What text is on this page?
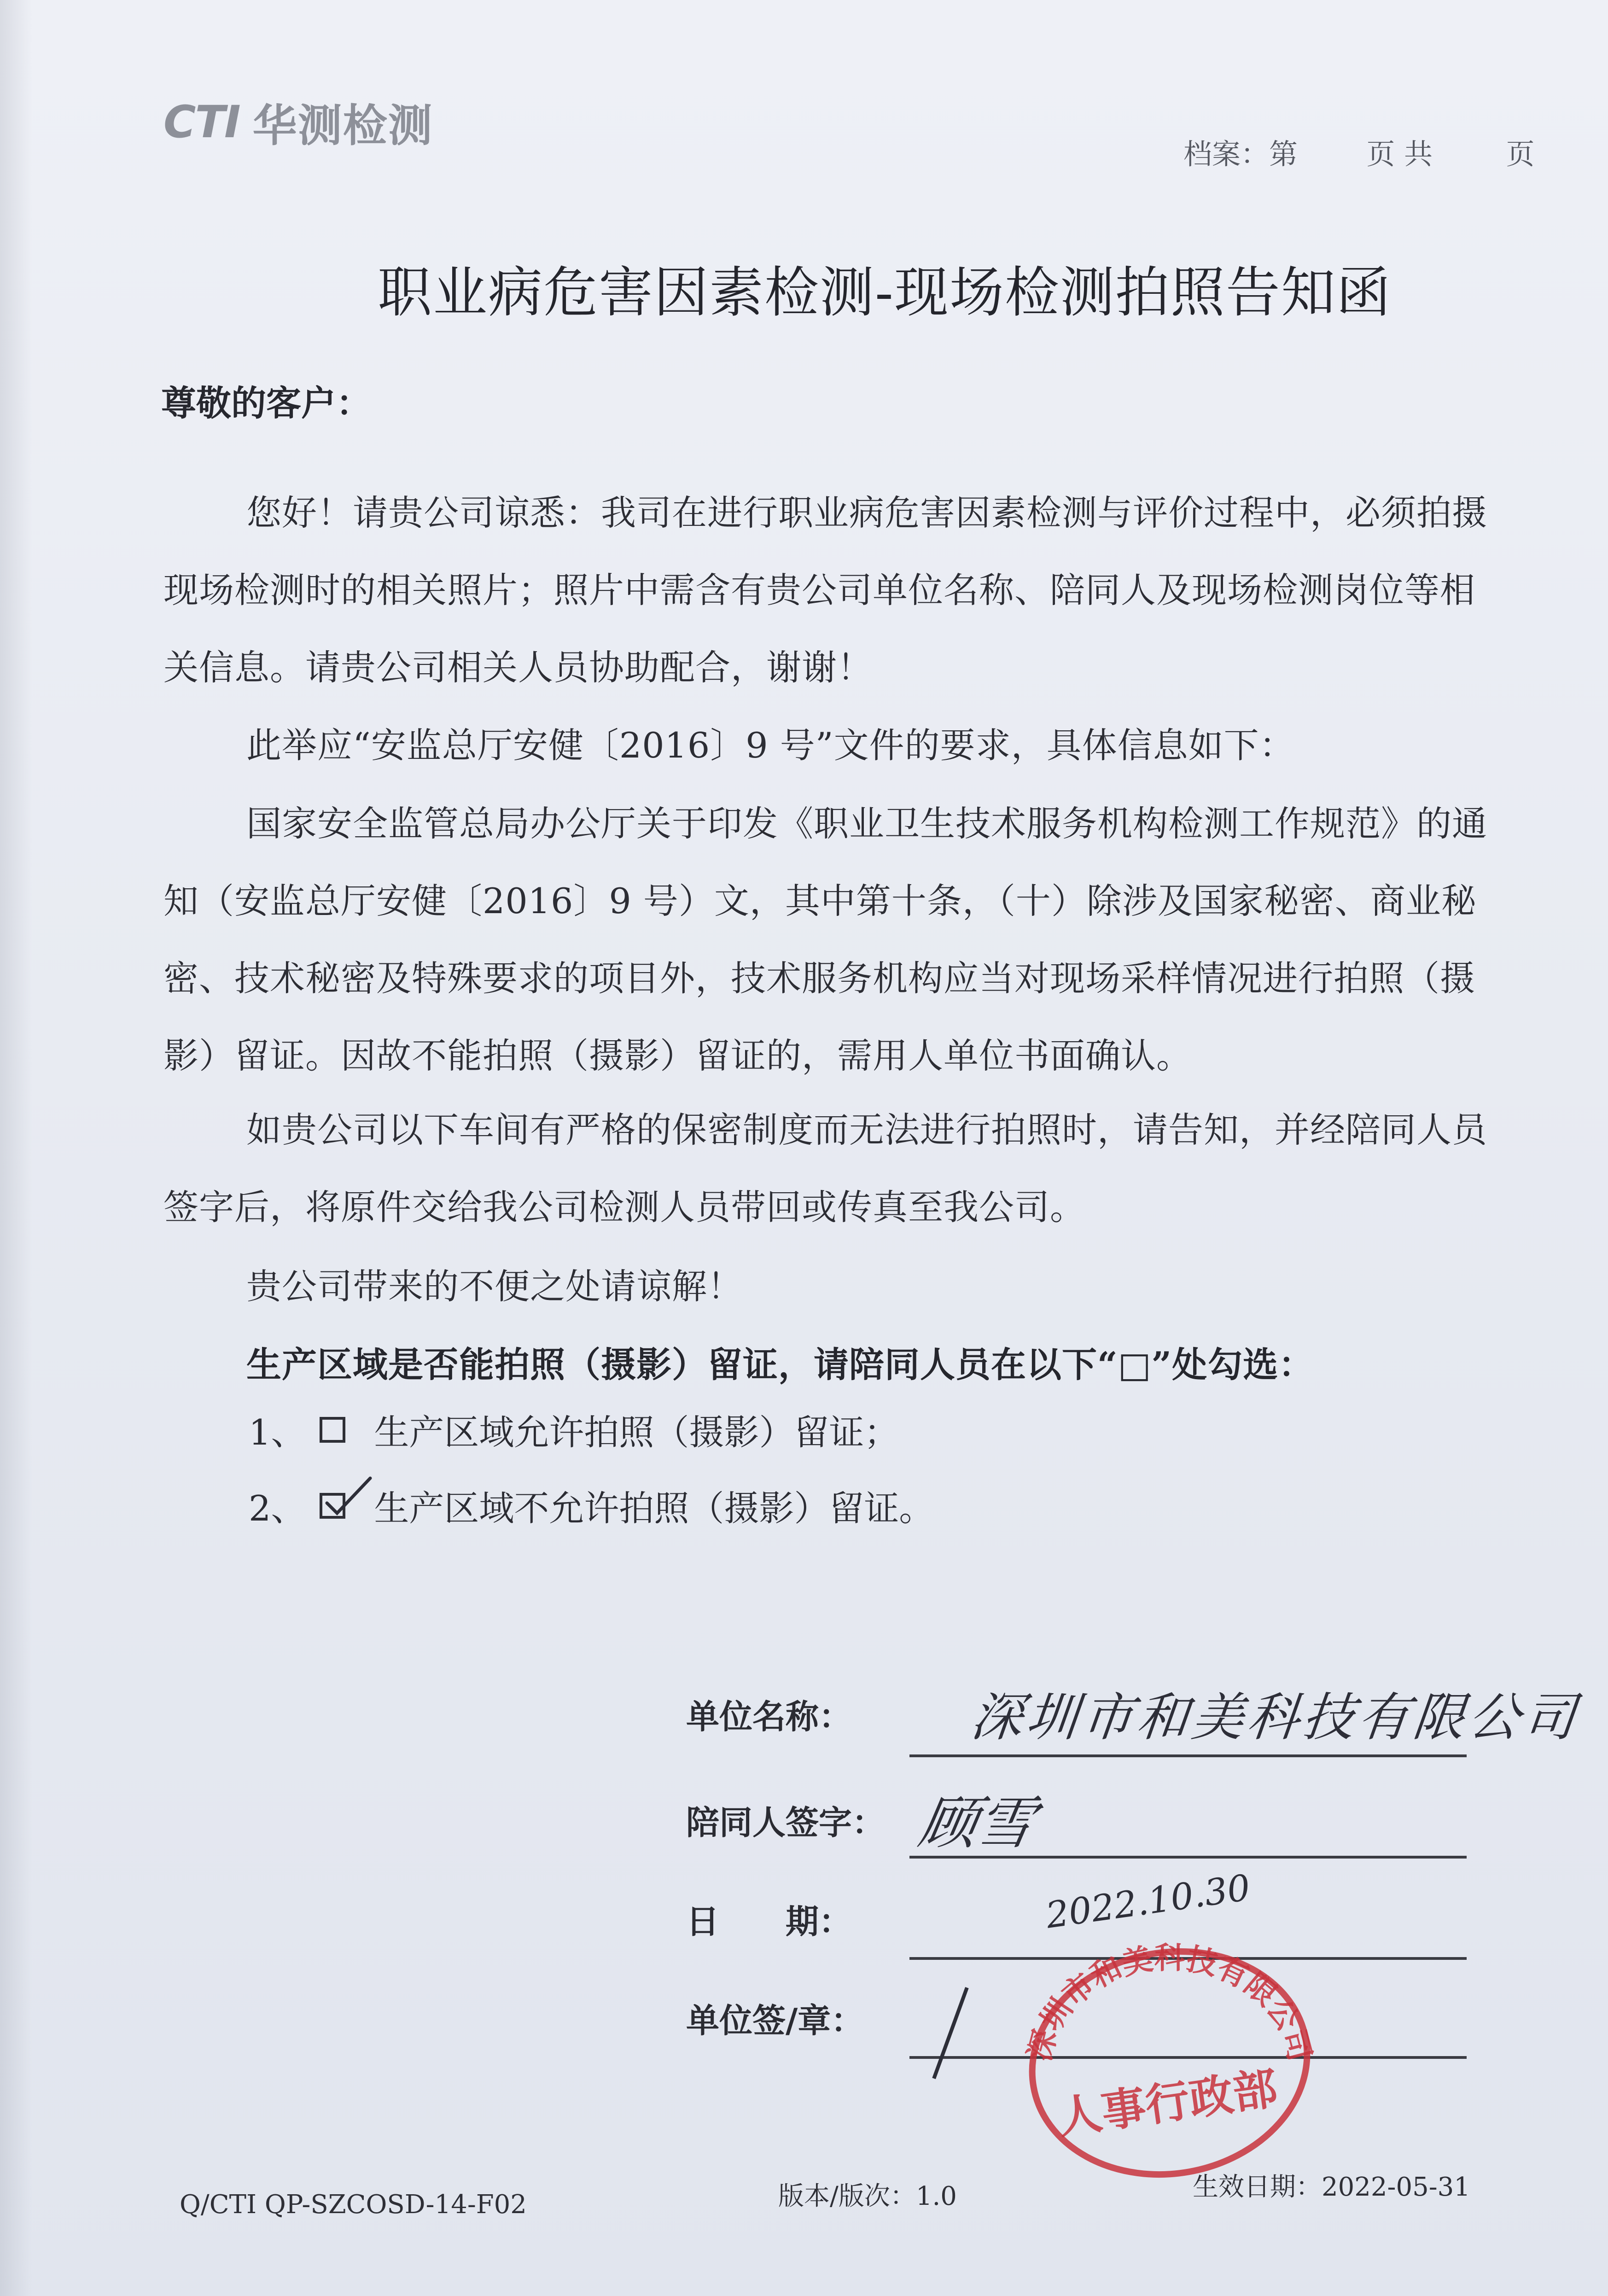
CTI 华测检测
档案：第 页 共	页
职业病危害因素检测-现场检测拍照告知函
尊敬的客户：

您好！请贵公司谅悉：我司在进行职业病危害因素检测与评价过程中，必须拍摄现场检测时的相关照片；照片中需含有贵公司单位名称、陪同人及现场检测岗位等相关信息。请贵公司相关人员协助配合，谢谢！

此举应“安监总厅安健〔2016〕9 号”文件的要求，具体信息如下：

国家安全监管总局办公厅关于印发《职业卫生技术服务机构检测工作规范》的通知（安监总厅安健〔2016〕9 号）文，其中第十条，（十）除涉及国家秘密、商业秘密、技术秘密及特殊要求的项目外，技术服务机构应当对现场采样情况进行拍照（摄影）留证。因故不能拍照（摄影）留证的，需用人单位书面确认。

如贵公司以下车间有严格的保密制度而无法进行拍照时，请告知，并经陪同人员签字后，将原件交给我公司检测人员带回或传真至我公司。

贵公司带来的不便之处请谅解！

生产区域是否能拍照（摄影）留证，请陪同人员在以下“□”处勾选：

1、 生产区域允许拍照（摄影）留证；
2、 生产区域不允许拍照（摄影）留证。
单位名称： 深圳市和美科技有限公司
陪同人签字： 顾雪
日　　期：	2022.10.30
单位签/章：
深圳市和美科技有限公司
人事行政部
Q/CTI QP-SZCOSD-14-F02	版本/版次：1.0	生效日期：2022-05-31
